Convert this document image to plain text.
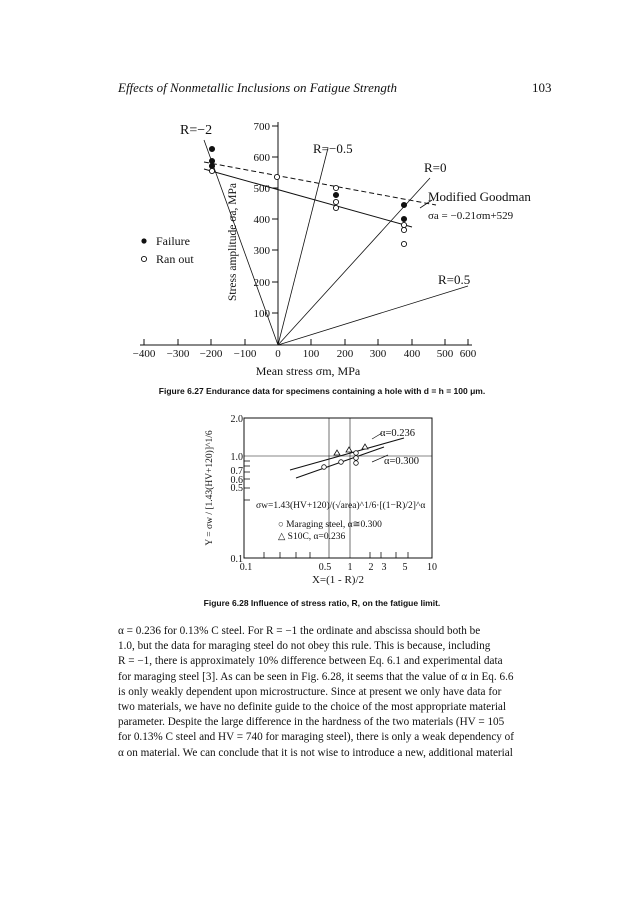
Effects of Nonmetallic Inclusions on Fatigue Strength	103
−400 −300 −200 −100 0 100 200 300 400 500 600
100
200
300
400
500
600
700
Stress amplitude σa, MPa
Mean stress σm, MPa
R=−2
R=−0.5
R=0
R=0.5
Modified Goodman
σa = −0.21σm+529
Failure
Ran out
Figure 6.27 Endurance data for specimens containing a hole with d = h = 100 μm.
0.1
0.5
0.6
0.7
1.0
2.0
0.1	0.5 1 2 3 5 10
Y = σw / [1.43(HV+120)]^1/6
X=(1 - R)/2
α=0.236
α=0.300
σw=1.43(HV+120)/(√area)^1/6·[(1−R)/2]^α
○ Maraging steel, α≅0.300
△ S10C, α=0.236
Figure 6.28 Influence of stress ratio, R, on the fatigue limit.

α = 0.236 for 0.13% C steel. For R = −1 the ordinate and abscissa should both be

1.0, but the data for maraging steel do not obey this rule. This is because, including

R = −1, there is approximately 10% difference between Eq. 6.1 and experimental data

for maraging steel [3]. As can be seen in Fig. 6.28, it seems that the value of α in Eq. 6.6

is only weakly dependent upon microstructure. Since at present we only have data for

two materials, we have no definite guide to the choice of the most appropriate material

parameter. Despite the large difference in the hardness of the two materials (HV = 105

for 0.13% C steel and HV = 740 for maraging steel), there is only a weak dependency of

α on material. We can conclude that it is not wise to introduce a new, additional material
